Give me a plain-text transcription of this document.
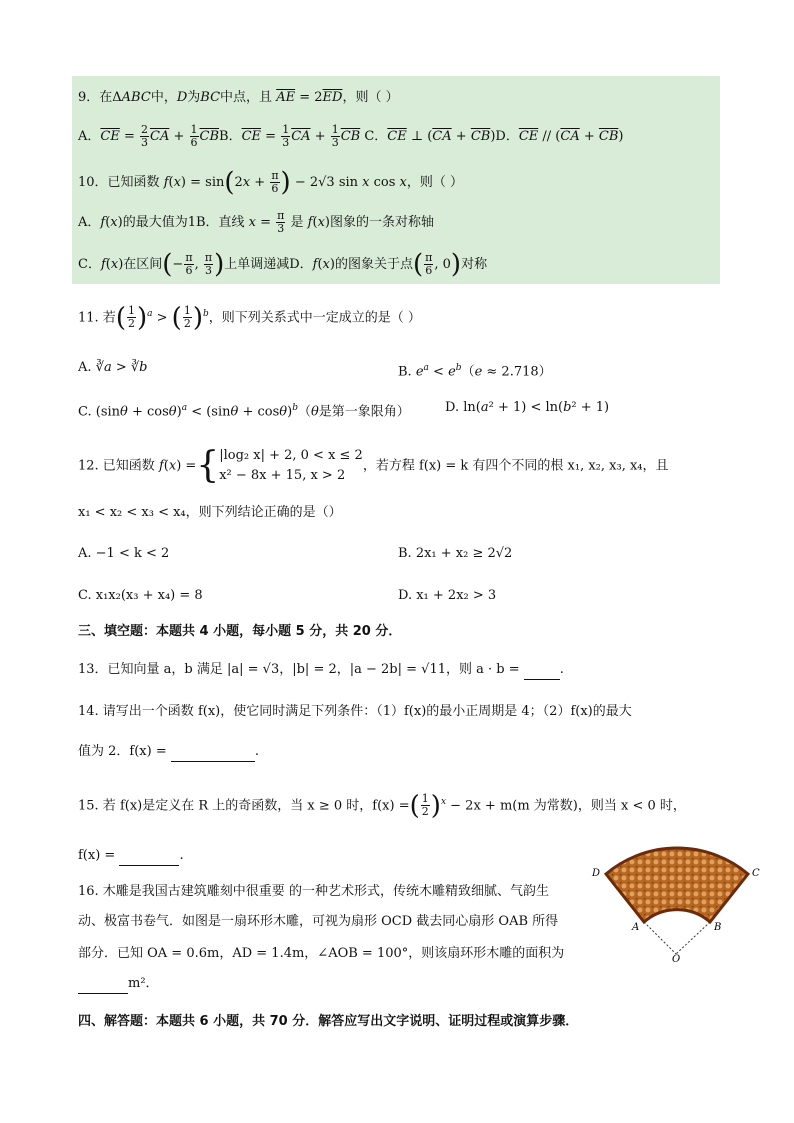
9．在ΔABC中，D为BC中点，且 $\overline{AE} = 2\overline{ED}$，则（ ）
A．$\overline{CE} = \frac{2}{3} \overline{CA} + \frac{1}{6} \overline{CB}B$．$\overline{CE} = \frac{1}{3} \overline{CA} + \frac{1}{3} \overline{CB}$ C．$\overline{CE}$ ⊥ $(\overline{CA} + \overline{CB})D$．$\overline{CE} // (\overline{CA} + \overline{CB})$
10．已知函数 $f(x) = \sin(2x + \frac{\pi}{6}$ ) − 2√3 sin x cos x，则（ ）
A．f(x)的最大值为1B．直线 $x = \frac{\pi}{3}$ 是 f(x)图象的一条对称轴
C．f(x)在区间(− $\frac{\pi}{6}$ , $\frac{\pi}{3}$ )上单调递减D．f(x)的图象关于点( $\frac{\pi}{6}$ , 0)对称
11. 若( $\frac{1}{2} )^a$ > ( $\frac{1}{2} )^b$，则下列关系式中一定成立的是（ ）
A. ∛a > ∛b	B. $e^a < e^b(e \approx 2.718)$
C. $(\sin\theta + \cos\theta)^a < (\sin\theta + \cos\theta)^b(\theta$是第一象限角）	D. ln(a² + 1) < ln(b² + 1)
12. 已知函数 f(x) ={ |log₂ x| + 2, 0 < x ≤ 2
x² − 8x + 15, x > 2
，若方程 f(x) = k 有四个不同的根 x₁, x₂, x₃, x₄，且
x₁ < x₂ < x₃ < x₄，则下列结论正确的是（）
A. −1 < k < 2	B. 2x₁ + x₂ ≥ 2√2
C. x₁x₂(x₃ + x₄) = 8	D. x₁ + 2x₂ > 3
三、填空题：本题共 4 小题，每小题 5 分，共 20 分．
13．已知向量 a，b 满足 |a| = √3，|b| = 2，|a − 2b| = √11，则 a · b =	.
14. 请写出一个函数 f(x)，使它同时满足下列条件：（1）f(x)的最小正周期是 4；（2）f(x)的最大
值为 2．f(x) =	.
15. 若 f(x)是定义在 R 上的奇函数，当 x ≥ 0 时，f(x) =( $\frac{1}{2} )^x - 2x + m(m$ 为常数)，则当 x < 0 时，
f(x) =	.
16. 木雕是我国古建筑雕刻中很重要 的一种艺术形式，传统木雕精致细腻、气韵生
动、极富书卷气．如图是一扇环形木雕，可视为扇形 OCD 截去同心扇形 OAB 所得
部分．已知 OA = 0.6m，AD = 1.4m，∠AOB = 100°，则该扇环形木雕的面积为
m²．
D	C
A	B
O
四、解答题：本题共 6 小题，共 70 分．解答应写出文字说明、证明过程或演算步骤．
